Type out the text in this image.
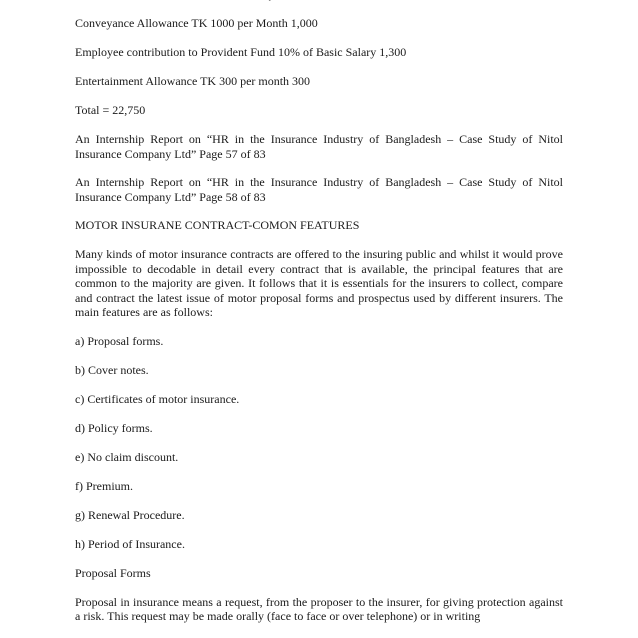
Conveyance Allowance TK 1000 per Month 1,000
Employee contribution to Provident Fund 10% of Basic Salary 1,300
Entertainment Allowance TK 300 per month 300
Total = 22,750

An Internship Report on “HR in the Insurance Industry of Bangladesh – Case Study of Nitol Insurance Company Ltd” Page 57 of 83

An Internship Report on “HR in the Insurance Industry of Bangladesh – Case Study of Nitol Insurance Company Ltd” Page 58 of 83

MOTOR INSURANE CONTRACT-COMON FEATURES

Many kinds of motor insurance contracts are offered to the insuring public and whilst it would prove impossible to decodable in detail every contract that is available, the principal features that are common to the majority are given. It follows that it is essentials for the insurers to collect, compare and contract the latest issue of motor proposal forms and prospectus used by different insurers. The main features are as follows:

a) Proposal forms.
b) Cover notes.
c) Certificates of motor insurance.
d) Policy forms.
e) No claim discount.
f) Premium.
g) Renewal Procedure.
h) Period of Insurance.
Proposal Forms

Proposal in insurance means a request, from the proposer to the insurer, for giving protection against a risk. This request may be made orally (face to face or over telephone) or in writing
